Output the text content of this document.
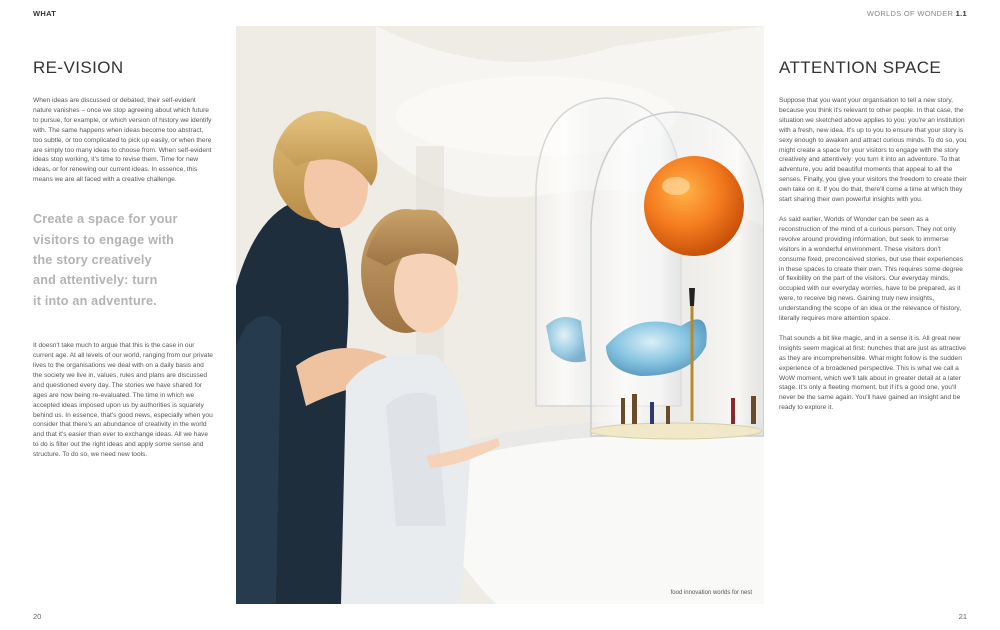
WHAT	WORLDS OF WONDER 1.1
RE-VISION

When ideas are discussed or debated, their self-evident nature vanishes – once we stop agreeing about which future to pursue, for example, or which version of history we identify with. The same happens when ideas become too abstract, too subtle, or too complicated to pick up easily, or when there are simply too many ideas to choose from. When self-evident ideas stop working, it's time to revise them. Time for new ideas, or for renewing our current ideas. In essence, this means we are all faced with a creative challenge.

Create a space for your
visitors to engage with
the story creatively
and attentively: turn
it into an adventure.

It doesn't take much to argue that this is the case in our current age. At all levels of our world, ranging from our private lives to the organisations we deal with on a daily basis and the society we live in, values, rules and plans are discussed and questioned every day. The stories we have shared for ages are now being re-evaluated. The time in which we accepted ideas imposed upon us by authorities is squarely behind us. In essence, that's good news, especially when you consider that there's an abundance of creativity in the world and that it's easier than ever to exchange ideas. All we have to do is filter out the right ideas and apply some sense and structure. To do so, we need new tools.

food innovation worlds for nest
ATTENTION SPACE

Suppose that you want your organisation to tell a new story, because you think it's relevant to other people. In that case, the situation we sketched above applies to you: you're an institution with a fresh, new idea. It's up to you to ensure that your story is sexy enough to awaken and attract curious minds. To do so, you might create a space for your visitors to engage with the story creatively and attentively: you turn it into an adventure. To that adventure, you add beautiful moments that appeal to all the senses. Finally, you give your visitors the freedom to create their own take on it. If you do that, there'll come a time at which they start sharing their own powerful insights with you.

As said earlier, Worlds of Wonder can be seen as a reconstruction of the mind of a curious person. They not only revolve around providing information, but seek to immerse visitors in a wonderful environment. These visitors don't consume fixed, preconceived stories, but use their experiences in these spaces to create their own. This requires some degree of flexibility on the part of the visitors. Our everyday minds, occupied with our everyday worries, have to be prepared, as it were, to receive big news. Gaining truly new insights, understanding the scope of an idea or the relevance of history, literally requires more attention space.

That sounds a bit like magic, and in a sense it is. All great new insights seem magical at first: hunches that are just as attractive as they are incomprehensible. What might follow is the sudden experience of a broadened perspective. This is what we call a WoW moment, which we'll talk about in greater detail at a later stage. It's only a fleeting moment, but if it's a good one, you'll never be the same again. You'll have gained an insight and be ready to explore it.

20	21
